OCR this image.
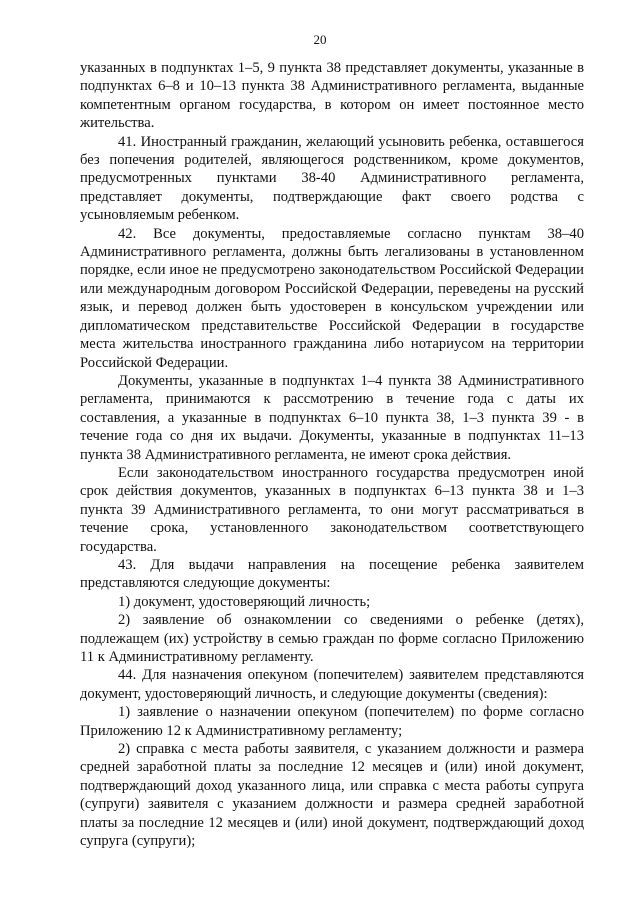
20

указанных в подпунктах 1–5, 9 пункта 38 представляет документы, указанные в подпунктах 6–8 и 10–13 пункта 38 Административного регламента, выданные компетентным органом государства, в котором он имеет постоянное место жительства.

41. Иностранный гражданин, желающий усыновить ребенка, оставшегося без попечения родителей, являющегося родственником, кроме документов, предусмотренных пунктами 38-40 Административного регламента, представляет документы, подтверждающие факт своего родства с усыновляемым ребенком.

42. Все документы, предоставляемые согласно пунктам 38–40 Административного регламента, должны быть легализованы в установленном порядке, если иное не предусмотрено законодательством Российской Федерации или международным договором Российской Федерации, переведены на русский язык, и перевод должен быть удостоверен в консульском учреждении или дипломатическом представительстве Российской Федерации в государстве места жительства иностранного гражданина либо нотариусом на территории Российской Федерации.

Документы, указанные в подпунктах 1–4 пункта 38 Административного регламента, принимаются к рассмотрению в течение года с даты их составления, а указанные в подпунктах 6–10 пункта 38, 1–3 пункта 39 - в течение года со дня их выдачи. Документы, указанные в подпунктах 11–13 пункта 38 Административного регламента, не имеют срока действия.

Если законодательством иностранного государства предусмотрен иной срок действия документов, указанных в подпунктах 6–13 пункта 38 и 1–3 пункта 39 Административного регламента, то они могут рассматриваться в течение срока, установленного законодательством соответствующего государства.

43. Для выдачи направления на посещение ребенка заявителем представляются следующие документы:

1) документ, удостоверяющий личность;

2) заявление об ознакомлении со сведениями о ребенке (детях), подлежащем (их) устройству в семью граждан по форме согласно Приложению 11 к Административному регламенту.

44. Для назначения опекуном (попечителем) заявителем представляются документ, удостоверяющий личность, и следующие документы (сведения):

1) заявление о назначении опекуном (попечителем) по форме согласно Приложению 12 к Административному регламенту;

2) справка с места работы заявителя, с указанием должности и размера средней заработной платы за последние 12 месяцев и (или) иной документ, подтверждающий доход указанного лица, или справка с места работы супруга (супруги) заявителя с указанием должности и размера средней заработной платы за последние 12 месяцев и (или) иной документ, подтверждающий доход супруга (супруги);
